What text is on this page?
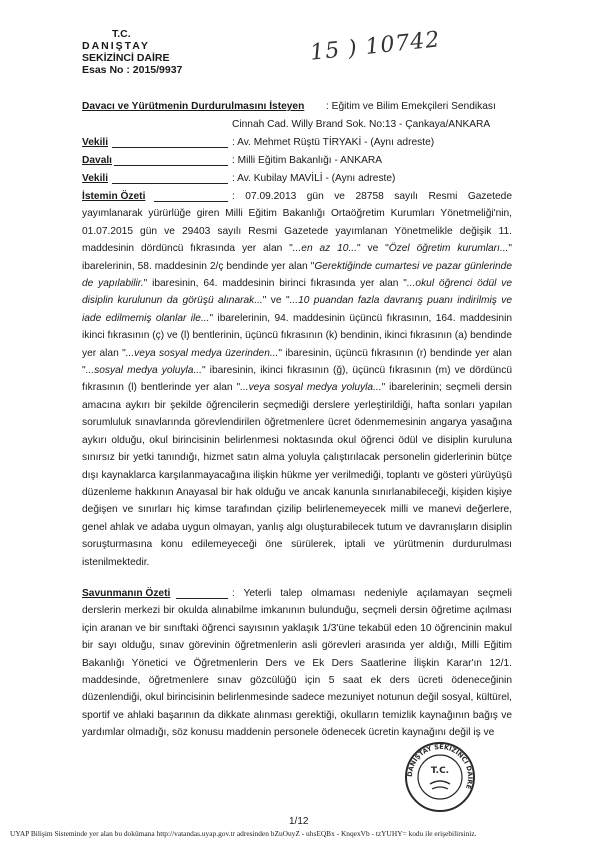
T.C.
DANIŞTAY
SEKİZİNCİ DAİRE
Esas No : 2015/9937
15 ) 10742
Davacı ve Yürütmenin Durdurulmasını İsteyen : Eğitim ve Bilim Emekçileri Sendikası
Cinnah Cad. Willy Brand Sok. No:13 - Çankaya/ANKARA
Vekili	: Av. Mehmet Rüştü TİRYAKİ - (Aynı adreste)
Davalı	: Milli Eğitim Bakanlığı - ANKARA
Vekili	: Av. Kubilay MAVİLİ - (Aynı adreste)
İstemin Özeti	: 07.09.2013 gün ve 28758 sayılı Resmi Gazetede yayımlanarak yürürlüğe giren Milli Eğitim Bakanlığı Ortaöğretim Kurumları Yönetmeliği'nin, 01.07.2015 gün ve 29403 sayılı Resmi Gazetede yayımlanan Yönetmelikle değişik 11. maddesinin dördüncü fıkrasında yer alan "...en az 10..." ve "Özel öğretim kurumları..." ibarelerinin, 58. maddesinin 2/ç bendinde yer alan "Gerektiğinde cumartesi ve pazar günlerinde de yapılabilir." ibaresinin, 64. maddesinin birinci fıkrasında yer alan "...okul öğrenci ödül ve disiplin kurulunun da görüşü alınarak..." ve "...10 puandan fazla davranış puanı indirilmiş ve iade edilmemiş olanlar ile..." ibarelerinin, 94. maddesinin üçüncü fıkrasının, 164. maddesinin ikinci fıkrasının (ç) ve (l) bentlerinin, üçüncü fıkrasının (k) bendinin, ikinci fıkrasının (a) bendinde yer alan "...veya sosyal medya üzerinden..." ibaresinin, üçüncü fıkrasının (r) bendinde yer alan "...sosyal medya yoluyla..." ibaresinin, ikinci fıkrasının (ğ), üçüncü fıkrasının (m) ve dördüncü fıkrasının (l) bentlerinde yer alan "...veya sosyal medya yoluyla..." ibarelerinin; seçmeli dersin amacına aykırı bir şekilde öğrencilerin seçmediği derslere yerleştirildiği, hafta sonları yapılan sorumluluk sınavlarında görevlendirilen öğretmenlere ücret ödenmemesinin angarya yasağına aykırı olduğu, okul birincisinin belirlenmesi noktasında okul öğrenci ödül ve disiplin kuruluna sınırsız bir yetki tanındığı, hizmet satın alma yoluyla çalıştırılacak personelin giderlerinin bütçe dışı kaynaklarca karşılanmayacağına ilişkin hükme yer verilmediği, toplantı ve gösteri yürüyüşü düzenleme hakkının Anayasal bir hak olduğu ve ancak kanunla sınırlanabileceği, kişiden kişiye değişen ve sınırları hiç kimse tarafından çizilip belirlenemeyecek milli ve manevi değerlere, genel ahlak ve adaba uygun olmayan, yanlış algı oluşturabilecek tutum ve davranışların disiplin soruşturmasına konu edilemeyeceği öne sürülerek, iptali ve yürütmenin durdurulması istenilmektedir.

Savunmanın Özeti	: Yeterli talep olmaması nedeniyle açılamayan seçmeli derslerin merkezi bir okulda alınabilme imkanının bulunduğu, seçmeli dersin öğretime açılması için aranan ve bir sınıftaki öğrenci sayısının yaklaşık 1/3'üne tekabül eden 10 öğrencinin makul bir sayı olduğu, sınav görevinin öğretmenlerin asli görevleri arasında yer aldığı, Milli Eğitim Bakanlığı Yönetici ve Öğretmenlerin Ders ve Ek Ders Saatlerine İlişkin Karar'ın 12/1. maddesinde, öğretmenlere sınav gözcülüğü için 5 saat ek ders ücreti ödeneceğinin düzenlendiği, okul birincisinin belirlenmesinde sadece mezuniyet notunun değil sosyal, kültürel, sportif ve ahlaki başarının da dikkate alınması gerektiği, okulların temizlik kaynağının bağış ve yardımlar olmadığı, söz konusu maddenin personele ödenecek ücretin kaynağını değil iş ve

DANIŞTAY SEKİZİNCİ DAİRE
T.C.
1/12
UYAP Bilişim Sisteminde yer alan bu dokümana http://vatandas.uyap.gov.tr adresinden bZuOuyZ - uhsEQBx - KnqexVb - tzYUHY= kodu ile erişebilirsiniz.
